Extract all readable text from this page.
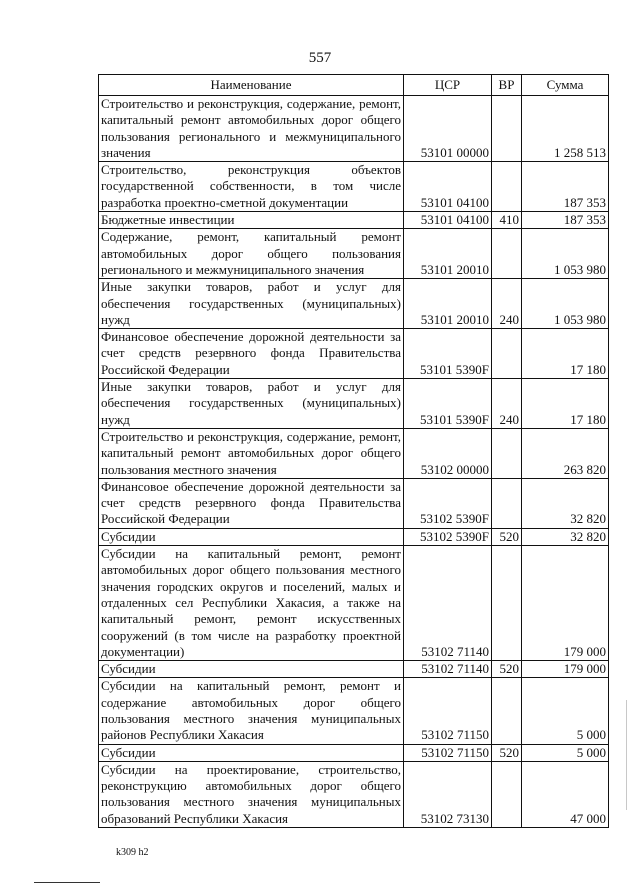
557
Наименование	ЦСР	ВР	Сумма
Строительство и реконструкция, содержание, ремонт, капитальный ремонт автомобильных дорог общего пользования регионального и межмуниципального значения	53101 00000		1 258 513
Строительство, реконструкция объектов государственной собственности, в том числе разработка проектно-сметной документации	53101 04100		187 353
Бюджетные инвестиции	53101 04100	410	187 353
Содержание, ремонт, капитальный ремонт автомобильных дорог общего пользования регионального и межмуниципального значения	53101 20010		1 053 980
Иные закупки товаров, работ и услуг для обеспечения государственных (муниципальных) нужд	53101 20010	240	1 053 980
Финансовое обеспечение дорожной деятельности за счет средств резервного фонда Правительства Российской Федерации	53101 5390F		17 180
Иные закупки товаров, работ и услуг для обеспечения государственных (муниципальных) нужд	53101 5390F	240	17 180
Строительство и реконструкция, содержание, ремонт, капитальный ремонт автомобильных дорог общего пользования местного значения	53102 00000		263 820
Финансовое обеспечение дорожной деятельности за счет средств резервного фонда Правительства Российской Федерации	53102 5390F		32 820
Субсидии	53102 5390F	520	32 820
Субсидии на капитальный ремонт, ремонт автомобильных дорог общего пользования местного значения городских округов и поселений, малых и отдаленных сел Республики Хакасия, а также на капитальный ремонт, ремонт искусственных сооружений (в том числе на разработку проектной документации)	53102 71140		179 000
Субсидии	53102 71140	520	179 000
Субсидии на капитальный ремонт, ремонт и содержание автомобильных дорог общего пользования местного значения муниципальных районов Республики Хакасия	53102 71150		5 000
Субсидии	53102 71150	520	5 000
Субсидии на проектирование, строительство, реконструкцию автомобильных дорог общего пользования местного значения муниципальных образований Республики Хакасия	53102 73130		47 000
k309 h2
